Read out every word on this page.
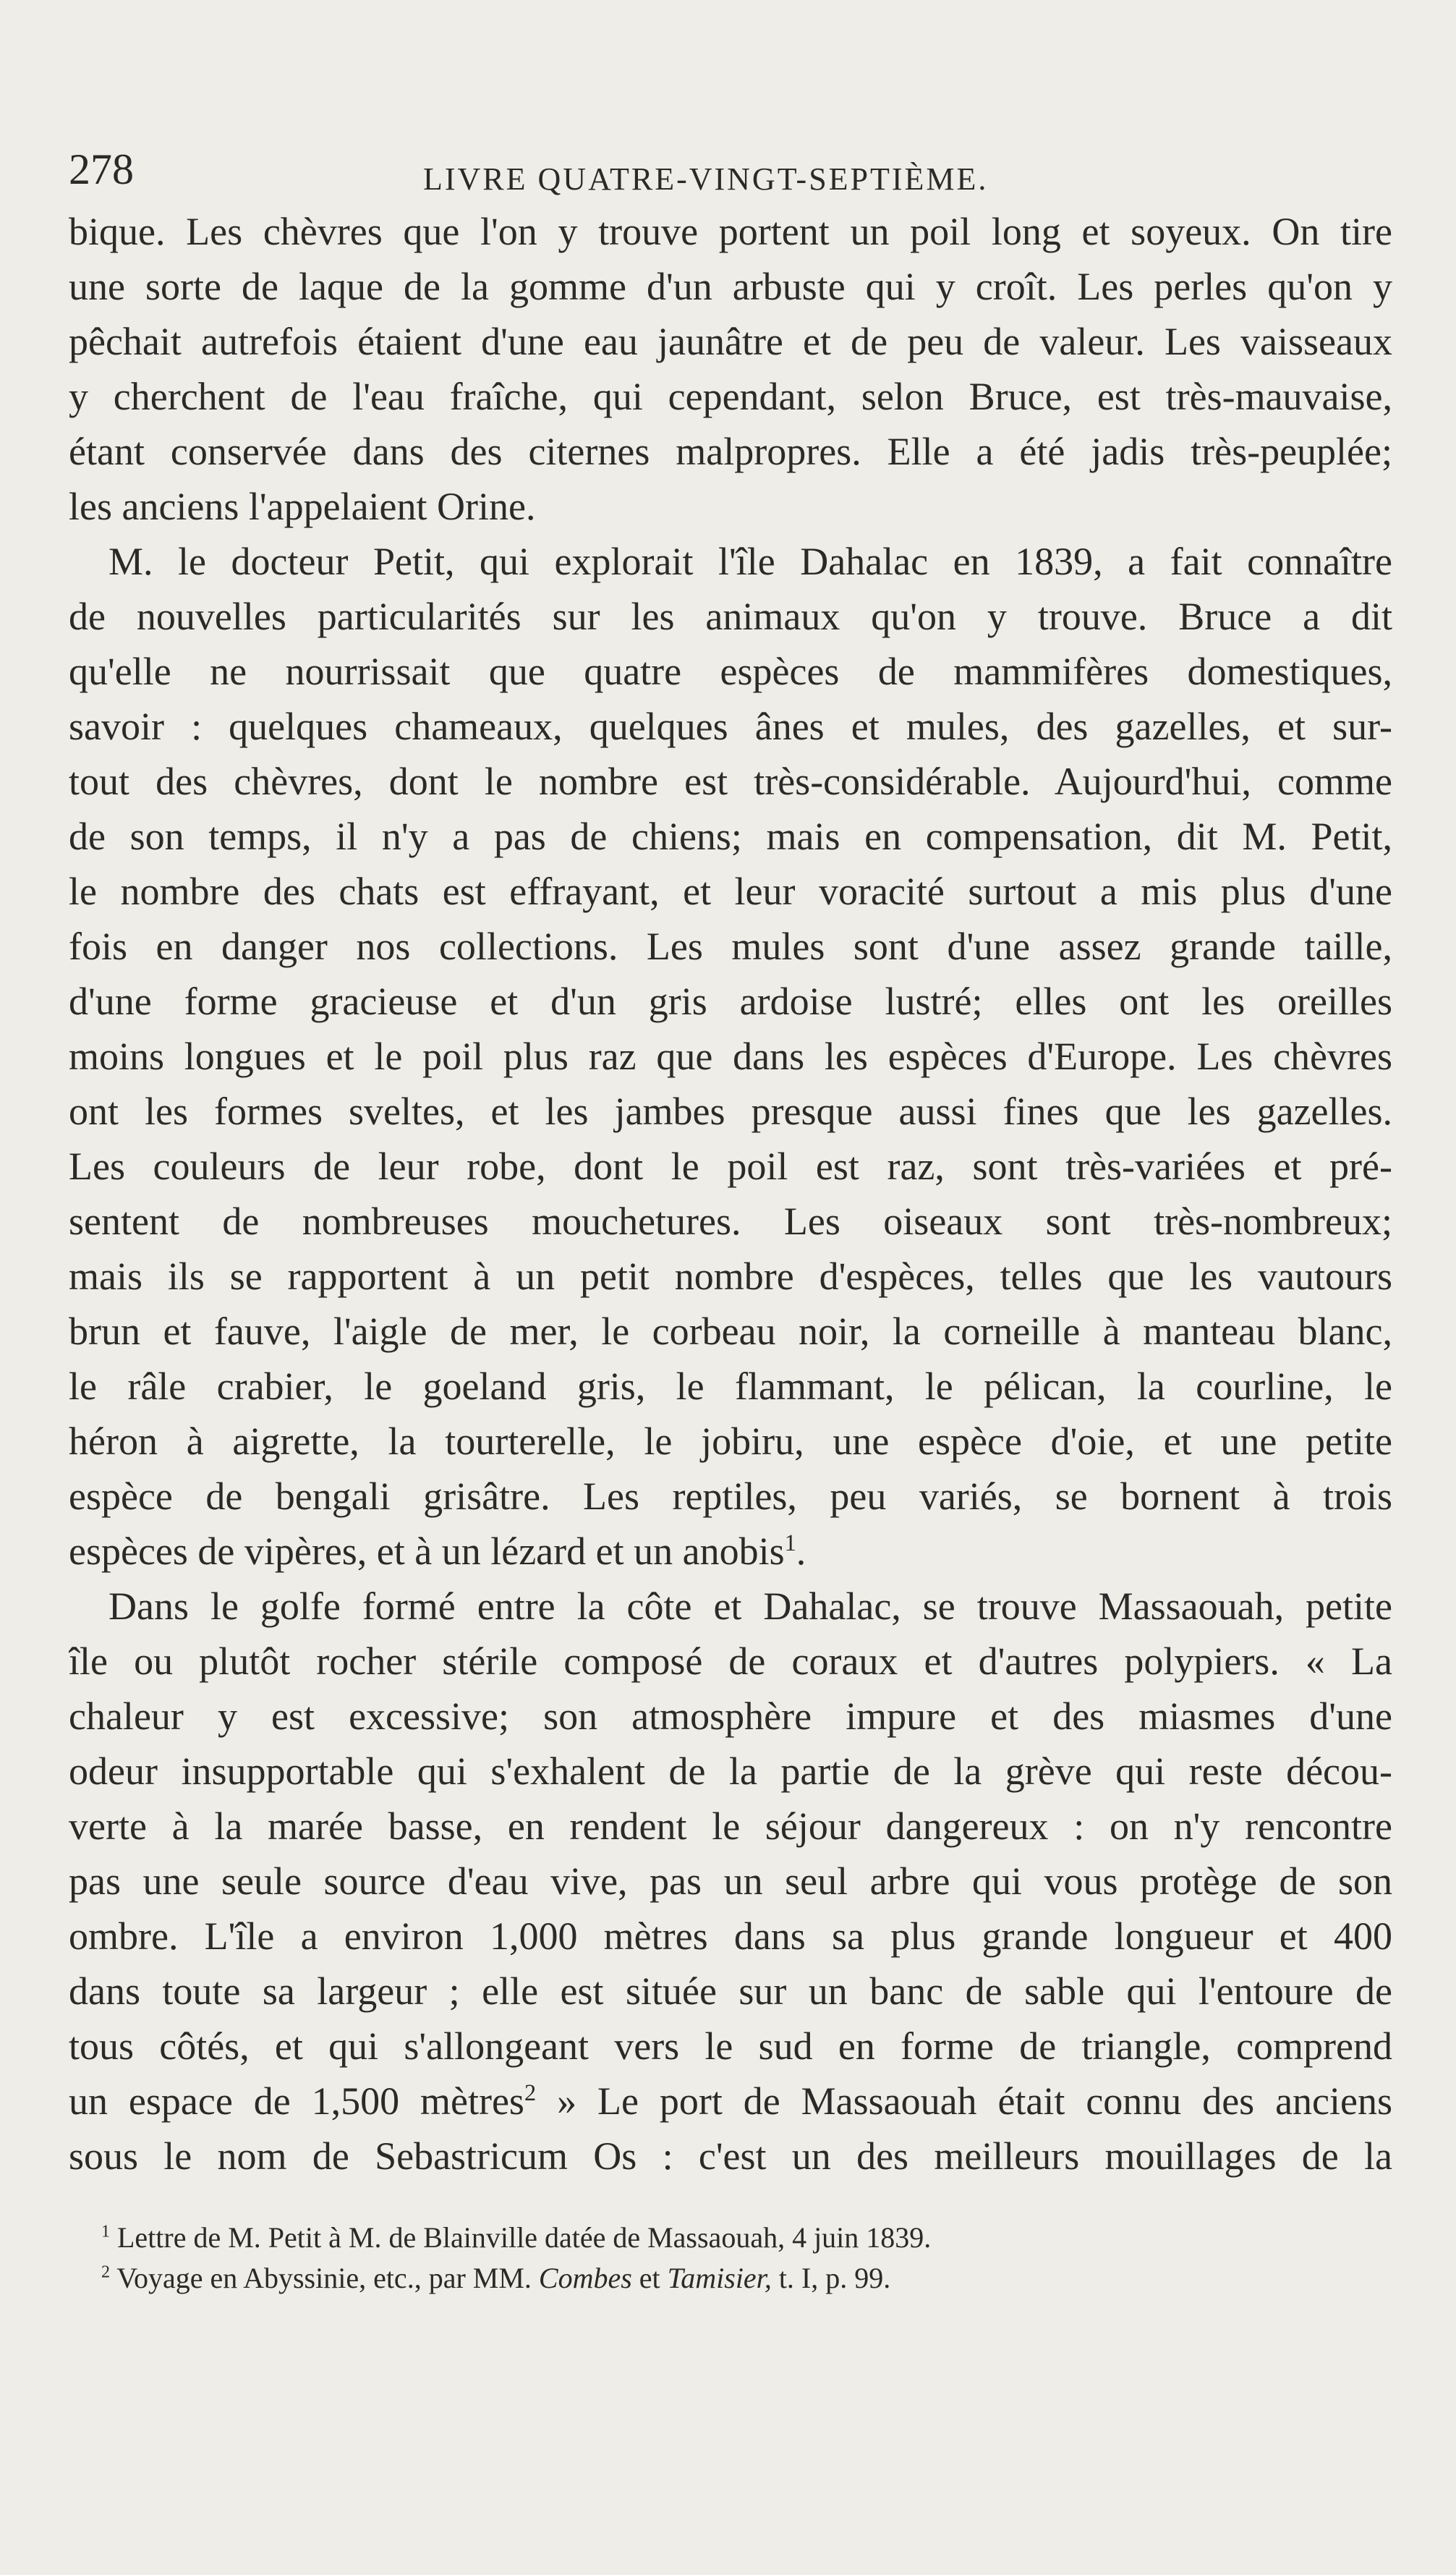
278	LIVRE QUATRE-VINGT-SEPTIÈME.
bique. Les chèvres que l'on y trouve portent un poil long et soyeux. On tire
une sorte de laque de la gomme d'un arbuste qui y croît. Les perles qu'on y
pêchait autrefois étaient d'une eau jaunâtre et de peu de valeur. Les vaisseaux
y cherchent de l'eau fraîche, qui cependant, selon Bruce, est très-mauvaise,
étant conservée dans des citernes malpropres. Elle a été jadis très-peuplée;
les anciens l'appelaient Orine.
M. le docteur Petit, qui explorait l'île Dahalac en 1839, a fait connaître
de nouvelles particularités sur les animaux qu'on y trouve. Bruce a dit
qu'elle ne nourrissait que quatre espèces de mammifères domestiques,
savoir : quelques chameaux, quelques ânes et mules, des gazelles, et sur-
tout des chèvres, dont le nombre est très-considérable. Aujourd'hui, comme
de son temps, il n'y a pas de chiens; mais en compensation, dit M. Petit,
le nombre des chats est effrayant, et leur voracité surtout a mis plus d'une
fois en danger nos collections. Les mules sont d'une assez grande taille,
d'une forme gracieuse et d'un gris ardoise lustré; elles ont les oreilles
moins longues et le poil plus raz que dans les espèces d'Europe. Les chèvres
ont les formes sveltes, et les jambes presque aussi fines que les gazelles.
Les couleurs de leur robe, dont le poil est raz, sont très-variées et pré-
sentent de nombreuses mouchetures. Les oiseaux sont très-nombreux;
mais ils se rapportent à un petit nombre d'espèces, telles que les vautours
brun et fauve, l'aigle de mer, le corbeau noir, la corneille à manteau blanc,
le râle crabier, le goeland gris, le flammant, le pélican, la courline, le
héron à aigrette, la tourterelle, le jobiru, une espèce d'oie, et une petite
espèce de bengali grisâtre. Les reptiles, peu variés, se bornent à trois
espèces de vipères, et à un lézard et un anobis$^1$.
Dans le golfe formé entre la côte et Dahalac, se trouve Massaouah, petite
île ou plutôt rocher stérile composé de coraux et d'autres polypiers. « La
chaleur y est excessive; son atmosphère impure et des miasmes d'une
odeur insupportable qui s'exhalent de la partie de la grève qui reste décou-
verte à la marée basse, en rendent le séjour dangereux : on n'y rencontre
pas une seule source d'eau vive, pas un seul arbre qui vous protège de son
ombre. L'île a environ 1,000 mètres dans sa plus grande longueur et 400
dans toute sa largeur ; elle est située sur un banc de sable qui l'entoure de
tous côtés, et qui s'allongeant vers le sud en forme de triangle, comprend
un espace de 1,500 mètres$^2$ » Le port de Massaouah était connu des anciens
sous le nom de Sebastricum Os : c'est un des meilleurs mouillages de la
$^1$ Lettre de M. Petit à M. de Blainville datée de Massaouah, 4 juin 1839.
$^2$ Voyage en Abyssinie, etc., par MM. Combes et Tamisier, t. I, p. 99.
